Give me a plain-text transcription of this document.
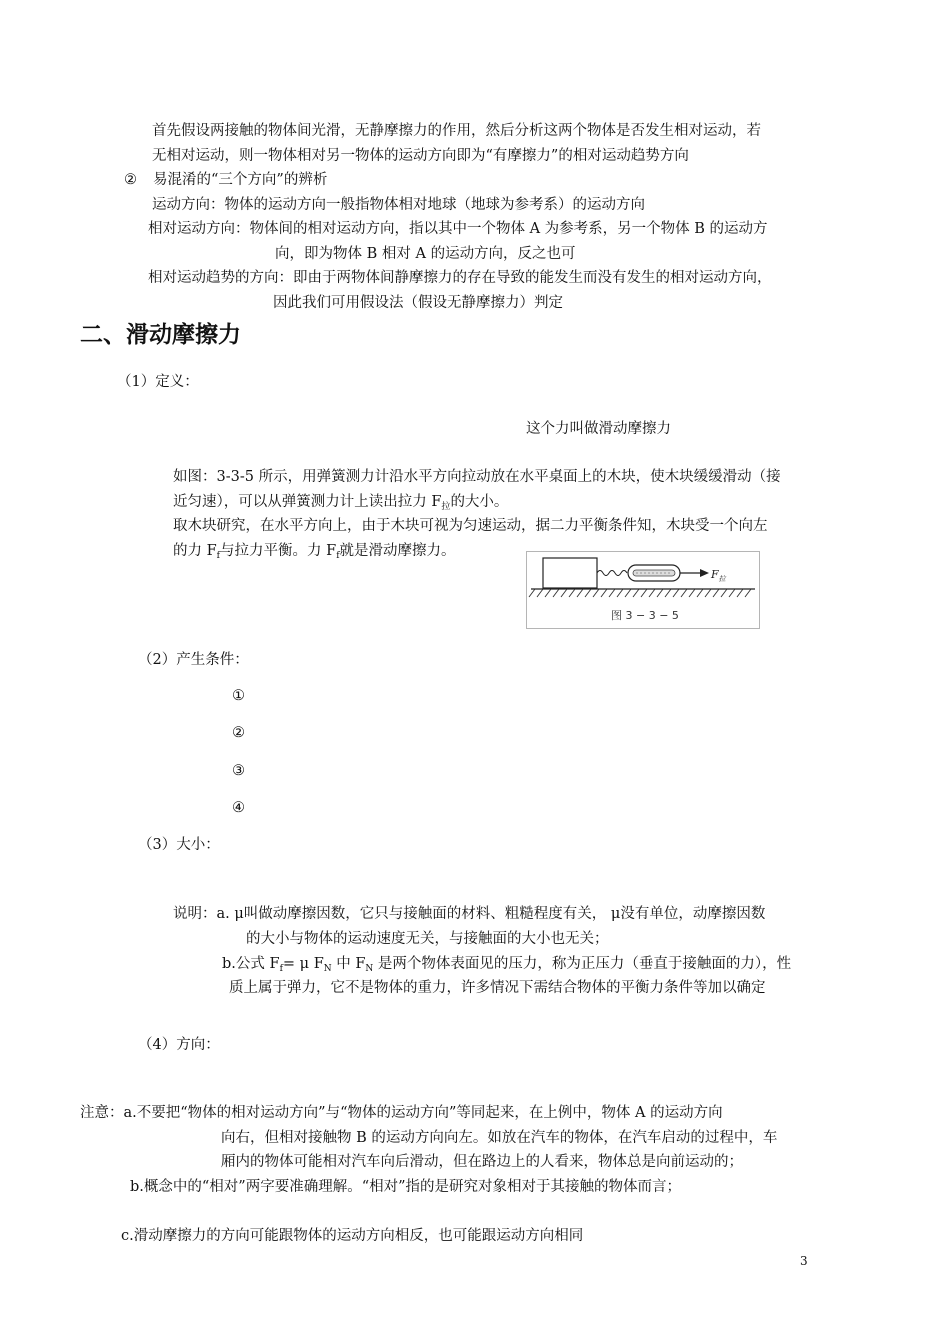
首先假设两接触的物体间光滑，无静摩擦力的作用，然后分析这两个物体是否发生相对运动，若
无相对运动，则一物体相对另一物体的运动方向即为“有摩擦力”的相对运动趋势方向
② 易混淆的“三个方向”的辨析
运动方向：物体的运动方向一般指物体相对地球（地球为参考系）的运动方向
相对运动方向：物体间的相对运动方向，指以其中一个物体 A 为参考系，另一个物体 B 的运动方
向，即为物体 B 相对 A 的运动方向，反之也可
相对运动趋势的方向：即由于两物体间静摩擦力的存在导致的能发生而没有发生的相对运动方向，
因此我们可用假设法（假设无静摩擦力）判定
二、滑动摩擦力
（1）定义：
这个力叫做滑动摩擦力
如图：3-3-5 所示，用弹簧测力计沿水平方向拉动放在水平桌面上的木块，使木块缓缓滑动（接
近匀速），可以从弹簧测力计上读出拉力 $F_拉$的大小。
取木块研究，在水平方向上，由于木块可视为匀速运动，据二力平衡条件知，木块受一个向左
的力 $F_f$与拉力平衡。力 $F_f$就是滑动摩擦力。
$F_拉$
图 3 − 3 − 5
（2）产生条件：
①
②
③
④
（3）大小：
说明：a. μ叫做动摩擦因数，它只与接触面的材料、粗糙程度有关， μ没有单位，动摩擦因数
的大小与物体的运动速度无关，与接触面的大小也无关；
b.公式 $F_f= \mu$ $F_N$ 中 $F_N$ 是两个物体表面见的压力，称为正压力（垂直于接触面的力），性
质上属于弹力，它不是物体的重力，许多情况下需结合物体的平衡力条件等加以确定
（4）方向：
注意：a.不要把“物体的相对运动方向”与“物体的运动方向”等同起来，在上例中，物体 A 的运动方向
向右，但相对接触物 B 的运动方向向左。如放在汽车的物体，在汽车启动的过程中，车
厢内的物体可能相对汽车向后滑动，但在路边上的人看来，物体总是向前运动的；
b.概念中的“相对”两字要准确理解。“相对”指的是研究对象相对于其接触的物体而言；
c.滑动摩擦力的方向可能跟物体的运动方向相反，也可能跟运动方向相同
3
